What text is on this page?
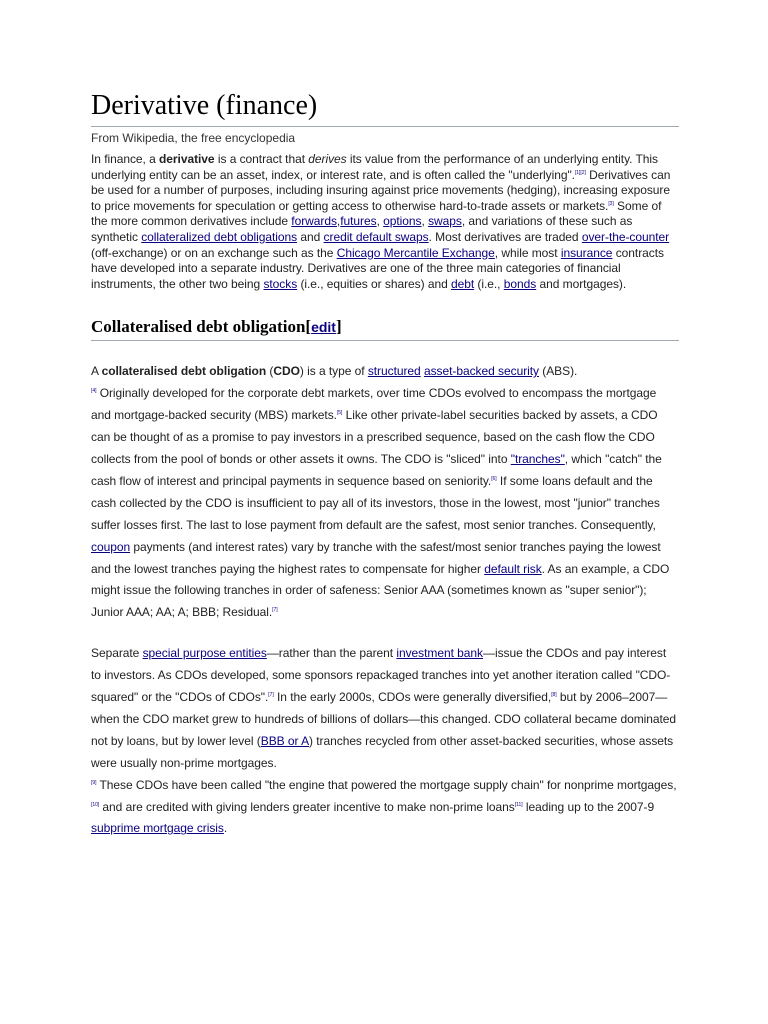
Derivative (finance)
From Wikipedia, the free encyclopedia

In finance, a derivative is a contract that derives its value from the performance of an underlying entity. This underlying entity can be an asset, index, or interest rate, and is often called the "underlying".[1][2] Derivatives can be used for a number of purposes, including insuring against price movements (hedging), increasing exposure to price movements for speculation or getting access to otherwise hard-to-trade assets or markets.[3] Some of the more common derivatives include forwards,futures, options, swaps, and variations of these such as synthetic collateralized debt obligations and credit default swaps. Most derivatives are traded over-the-counter (off-exchange) or on an exchange such as the Chicago Mercantile Exchange, while most insurance contracts have developed into a separate industry. Derivatives are one of the three main categories of financial instruments, the other two being stocks (i.e., equities or shares) and debt (i.e., bonds and mortgages).

Collateralised debt obligation[edit]

A collateralised debt obligation (CDO) is a type of structured asset-backed security (ABS).
[4] Originally developed for the corporate debt markets, over time CDOs evolved to encompass the mortgage and mortgage-backed security (MBS) markets.[5] Like other private-label securities backed by assets, a CDO can be thought of as a promise to pay investors in a prescribed sequence, based on the cash flow the CDO collects from the pool of bonds or other assets it owns. The CDO is "sliced" into "tranches", which "catch" the cash flow of interest and principal payments in sequence based on seniority.[6] If some loans default and the cash collected by the CDO is insufficient to pay all of its investors, those in the lowest, most "junior" tranches suffer losses first. The last to lose payment from default are the safest, most senior tranches. Consequently, coupon payments (and interest rates) vary by tranche with the safest/most senior tranches paying the lowest and the lowest tranches paying the highest rates to compensate for higher default risk. As an example, a CDO might issue the following tranches in order of safeness: Senior AAA (sometimes known as "super senior"); Junior AAA; AA; A; BBB; Residual.[7]

Separate special purpose entities—rather than the parent investment bank—issue the CDOs and pay interest to investors. As CDOs developed, some sponsors repackaged tranches into yet another iteration called "CDO-squared" or the "CDOs of CDOs".[7] In the early 2000s, CDOs were generally diversified,[8] but by 2006–2007—when the CDO market grew to hundreds of billions of dollars—this changed. CDO collateral became dominated not by loans, but by lower level (BBB or A) tranches recycled from other asset-backed securities, whose assets were usually non-prime mortgages.
[9] These CDOs have been called "the engine that powered the mortgage supply chain" for nonprime mortgages,[10] and are credited with giving lenders greater incentive to make non-prime loans[11] leading up to the 2007-9 subprime mortgage crisis.
